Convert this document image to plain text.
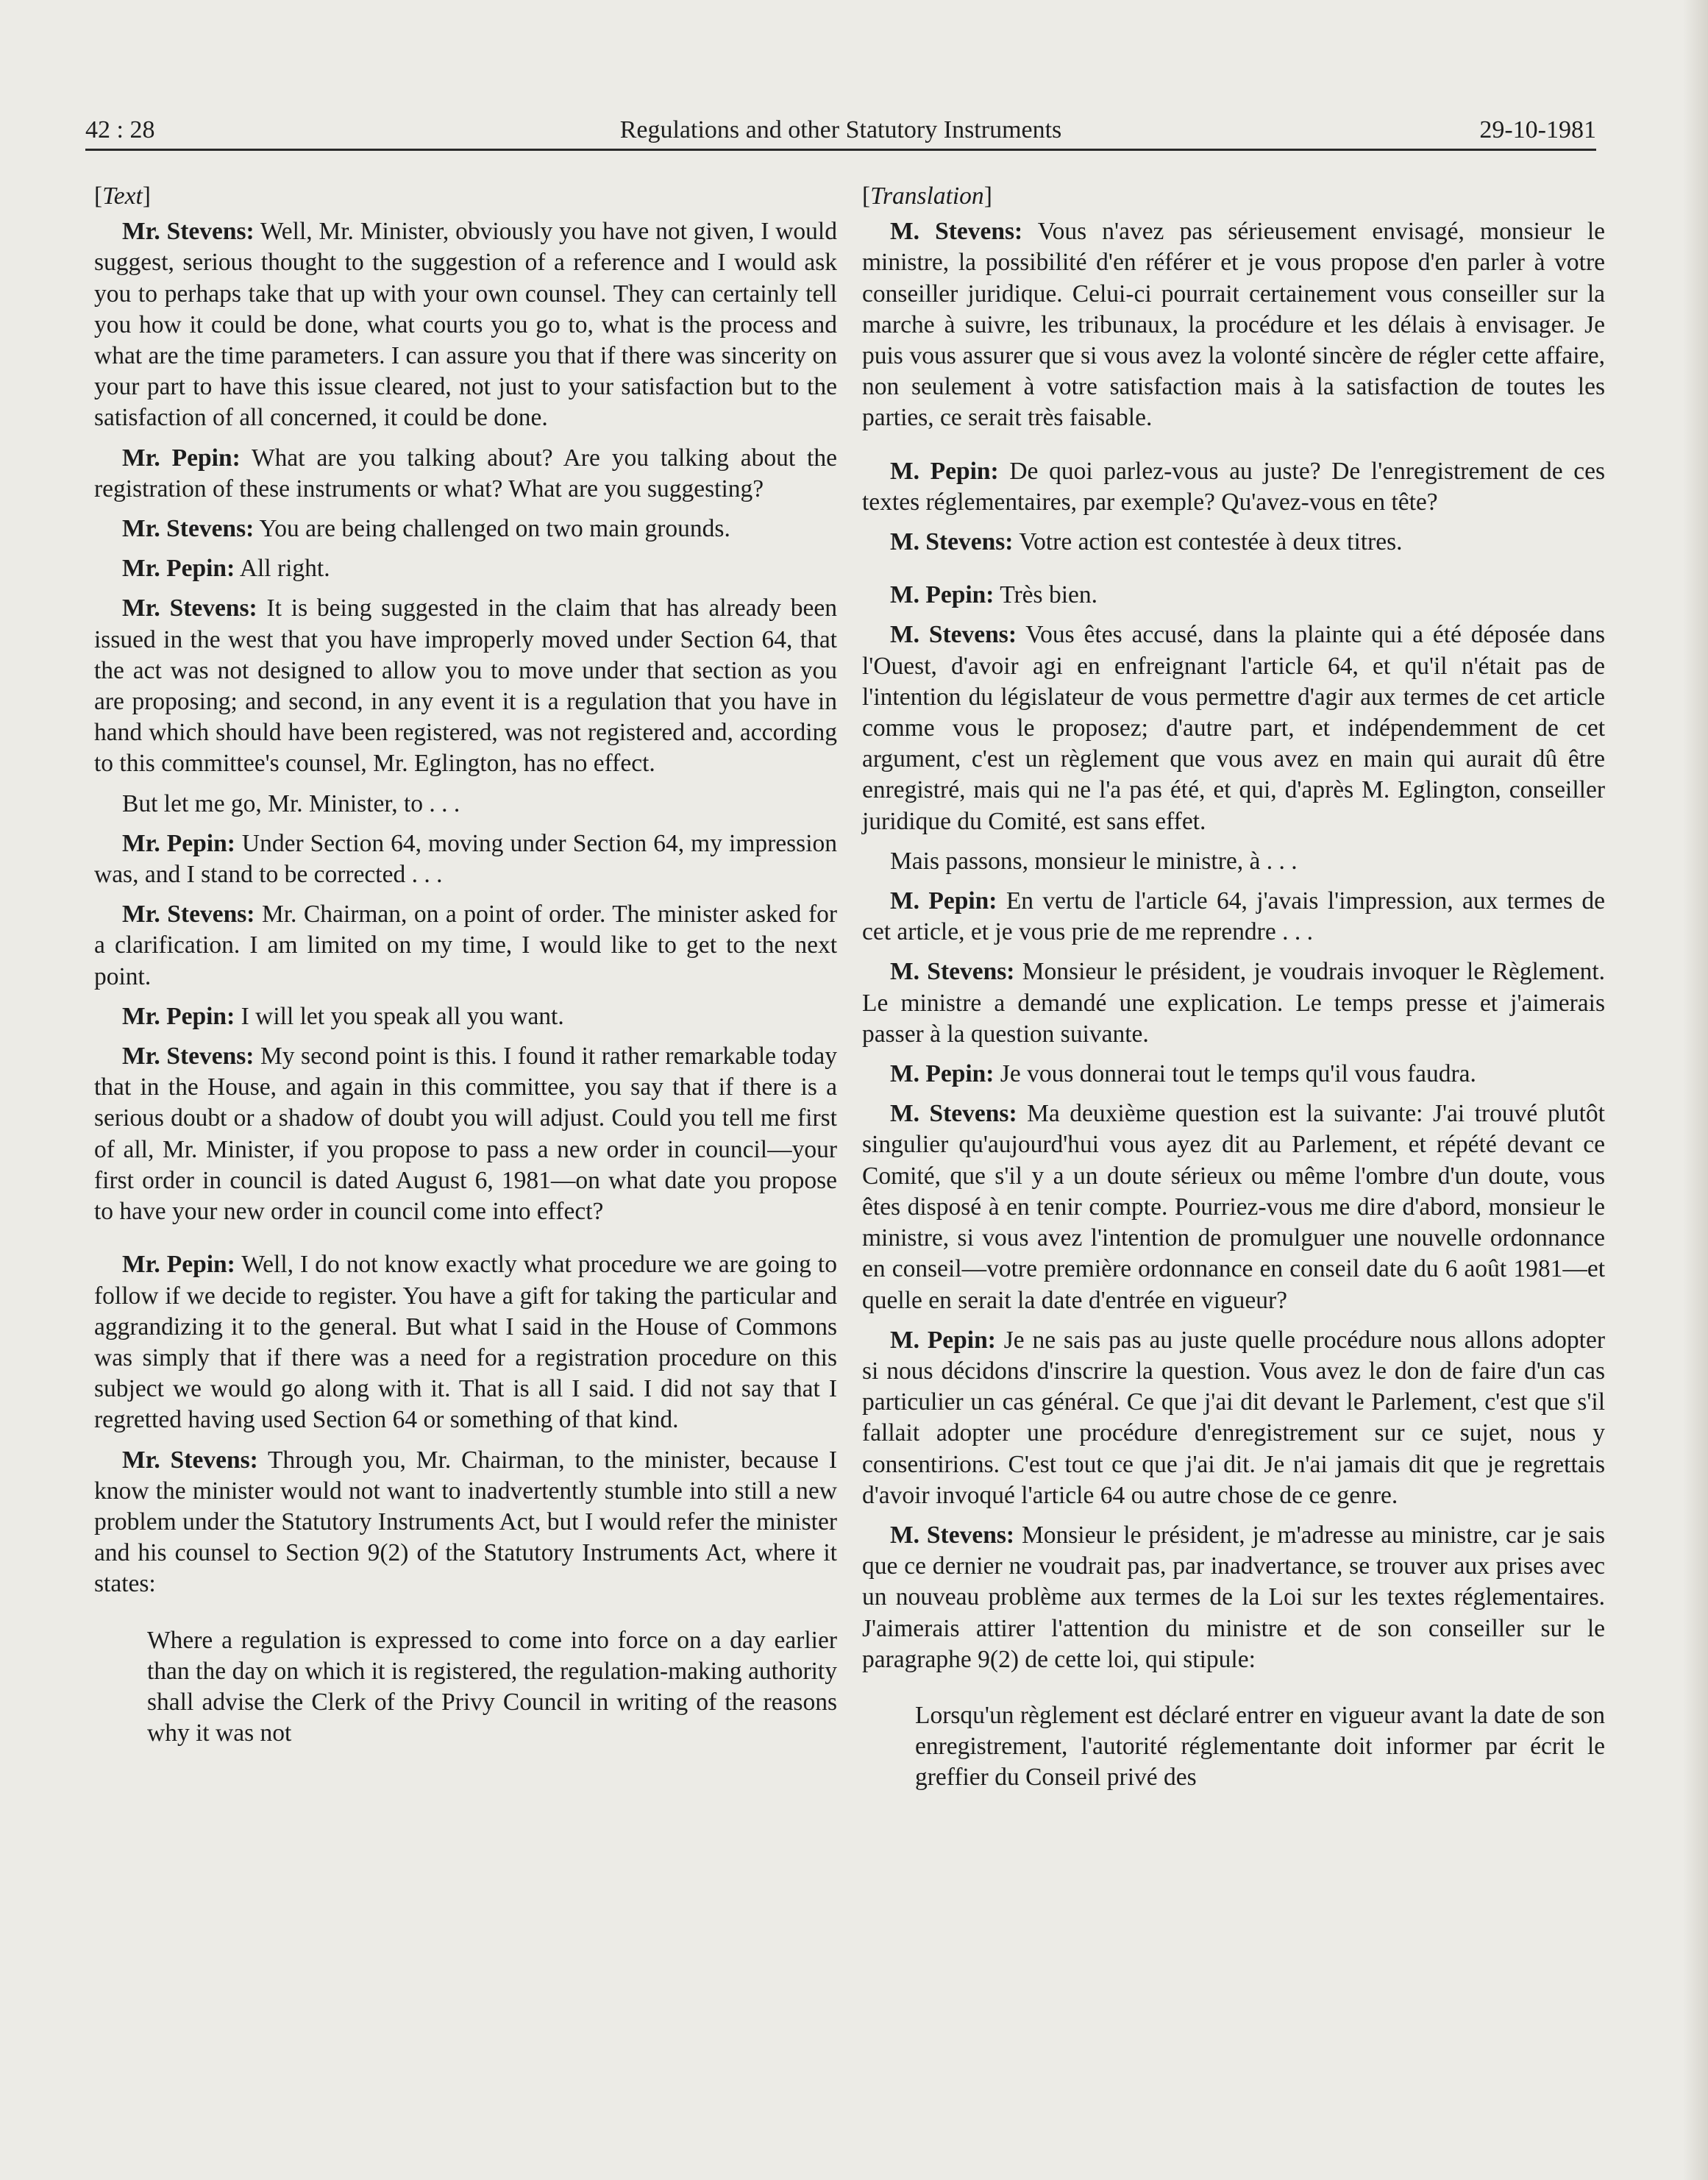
42 : 28	Regulations and other Statutory Instruments	29-10-1981
[Text]

Mr. Stevens: Well, Mr. Minister, obviously you have not given, I would suggest, serious thought to the suggestion of a reference and I would ask you to perhaps take that up with your own counsel. They can certainly tell you how it could be done, what courts you go to, what is the process and what are the time parameters. I can assure you that if there was sincerity on your part to have this issue cleared, not just to your satisfaction but to the satisfaction of all concerned, it could be done.

Mr. Pepin: What are you talking about? Are you talking about the registration of these instruments or what? What are you suggesting?

Mr. Stevens: You are being challenged on two main grounds.

Mr. Pepin: All right.

Mr. Stevens: It is being suggested in the claim that has already been issued in the west that you have improperly moved under Section 64, that the act was not designed to allow you to move under that section as you are proposing; and second, in any event it is a regulation that you have in hand which should have been registered, was not registered and, according to this committee's counsel, Mr. Eglington, has no effect.

But let me go, Mr. Minister, to . . .

Mr. Pepin: Under Section 64, moving under Section 64, my impression was, and I stand to be corrected . . .

Mr. Stevens: Mr. Chairman, on a point of order. The minister asked for a clarification. I am limited on my time, I would like to get to the next point.

Mr. Pepin: I will let you speak all you want.

Mr. Stevens: My second point is this. I found it rather remarkable today that in the House, and again in this committee, you say that if there is a serious doubt or a shadow of doubt you will adjust. Could you tell me first of all, Mr. Minister, if you propose to pass a new order in council—your first order in council is dated August 6, 1981—on what date you propose to have your new order in council come into effect?

Mr. Pepin: Well, I do not know exactly what procedure we are going to follow if we decide to register. You have a gift for taking the particular and aggrandizing it to the general. But what I said in the House of Commons was simply that if there was a need for a registration procedure on this subject we would go along with it. That is all I said. I did not say that I regretted having used Section 64 or something of that kind.

Mr. Stevens: Through you, Mr. Chairman, to the minister, because I know the minister would not want to inadvertently stumble into still a new problem under the Statutory Instruments Act, but I would refer the minister and his counsel to Section 9(2) of the Statutory Instruments Act, where it states:

Where a regulation is expressed to come into force on a day earlier than the day on which it is registered, the regulation-making authority shall advise the Clerk of the Privy Council in writing of the reasons why it was not
[Translation]

M. Stevens: Vous n'avez pas sérieusement envisagé, monsieur le ministre, la possibilité d'en référer et je vous propose d'en parler à votre conseiller juridique. Celui-ci pourrait certainement vous conseiller sur la marche à suivre, les tribunaux, la procédure et les délais à envisager. Je puis vous assurer que si vous avez la volonté sincère de régler cette affaire, non seulement à votre satisfaction mais à la satisfaction de toutes les parties, ce serait très faisable.

M. Pepin: De quoi parlez-vous au juste? De l'enregistrement de ces textes réglementaires, par exemple? Qu'avez-vous en tête?

M. Stevens: Votre action est contestée à deux titres.

M. Pepin: Très bien.

M. Stevens: Vous êtes accusé, dans la plainte qui a été déposée dans l'Ouest, d'avoir agi en enfreignant l'article 64, et qu'il n'était pas de l'intention du législateur de vous permettre d'agir aux termes de cet article comme vous le proposez; d'autre part, et indépendemment de cet argument, c'est un règlement que vous avez en main qui aurait dû être enregistré, mais qui ne l'a pas été, et qui, d'après M. Eglington, conseiller juridique du Comité, est sans effet.

Mais passons, monsieur le ministre, à . . .

M. Pepin: En vertu de l'article 64, j'avais l'impression, aux termes de cet article, et je vous prie de me reprendre . . .

M. Stevens: Monsieur le président, je voudrais invoquer le Règlement. Le ministre a demandé une explication. Le temps presse et j'aimerais passer à la question suivante.

M. Pepin: Je vous donnerai tout le temps qu'il vous faudra.

M. Stevens: Ma deuxième question est la suivante: J'ai trouvé plutôt singulier qu'aujourd'hui vous ayez dit au Parlement, et répété devant ce Comité, que s'il y a un doute sérieux ou même l'ombre d'un doute, vous êtes disposé à en tenir compte. Pourriez-vous me dire d'abord, monsieur le ministre, si vous avez l'intention de promulguer une nouvelle ordonnance en conseil—votre première ordonnance en conseil date du 6 août 1981—et quelle en serait la date d'entrée en vigueur?

M. Pepin: Je ne sais pas au juste quelle procédure nous allons adopter si nous décidons d'inscrire la question. Vous avez le don de faire d'un cas particulier un cas général. Ce que j'ai dit devant le Parlement, c'est que s'il fallait adopter une procédure d'enregistrement sur ce sujet, nous y consentirions. C'est tout ce que j'ai dit. Je n'ai jamais dit que je regrettais d'avoir invoqué l'article 64 ou autre chose de ce genre.

M. Stevens: Monsieur le président, je m'adresse au ministre, car je sais que ce dernier ne voudrait pas, par inadvertance, se trouver aux prises avec un nouveau problème aux termes de la Loi sur les textes réglementaires. J'aimerais attirer l'attention du ministre et de son conseiller sur le paragraphe 9(2) de cette loi, qui stipule:

Lorsqu'un règlement est déclaré entrer en vigueur avant la date de son enregistrement, l'autorité réglementante doit informer par écrit le greffier du Conseil privé des
